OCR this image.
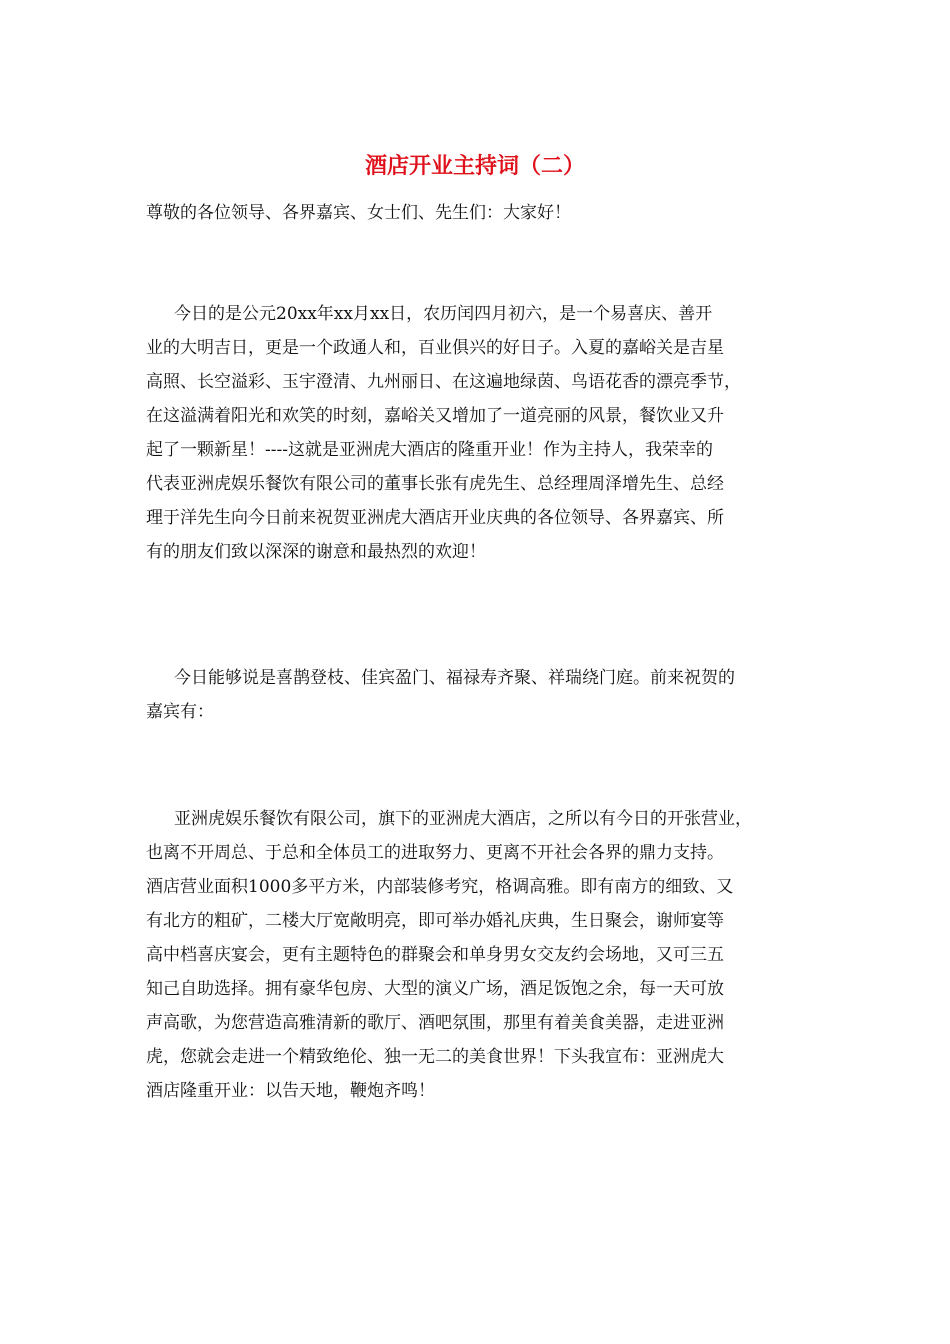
酒店开业主持词（二）

尊敬的各位领导、各界嘉宾、女士们、先生们：大家好！

今日的是公元20xx年xx月xx日，农历闰四月初六，是一个易喜庆、善开
业的大明吉日，更是一个政通人和，百业俱兴的好日子。入夏的嘉峪关是吉星
高照、长空溢彩、玉宇澄清、九州丽日、在这遍地绿茵、鸟语花香的漂亮季节，
在这溢满着阳光和欢笑的时刻，嘉峪关又增加了一道亮丽的风景，餐饮业又升
起了一颗新星！----这就是亚洲虎大酒店的隆重开业！作为主持人，我荣幸的
代表亚洲虎娱乐餐饮有限公司的董事长张有虎先生、总经理周泽增先生、总经
理于洋先生向今日前来祝贺亚洲虎大酒店开业庆典的各位领导、各界嘉宾、所
有的朋友们致以深深的谢意和最热烈的欢迎！

今日能够说是喜鹊登枝、佳宾盈门、福禄寿齐聚、祥瑞绕门庭。前来祝贺的
嘉宾有：

亚洲虎娱乐餐饮有限公司，旗下的亚洲虎大酒店，之所以有今日的开张营业，
也离不开周总、于总和全体员工的进取努力、更离不开社会各界的鼎力支持。
酒店营业面积1000多平方米，内部装修考究，格调高雅。即有南方的细致、又
有北方的粗矿，二楼大厅宽敞明亮，即可举办婚礼庆典，生日聚会，谢师宴等
高中档喜庆宴会，更有主题特色的群聚会和单身男女交友约会场地，又可三五
知己自助选择。拥有豪华包房、大型的演义广场，酒足饭饱之余，每一天可放
声高歌，为您营造高雅清新的歌厅、酒吧氛围，那里有着美食美器，走进亚洲
虎，您就会走进一个精致绝伦、独一无二的美食世界！下头我宣布：亚洲虎大
酒店隆重开业：以告天地，鞭炮齐鸣！
